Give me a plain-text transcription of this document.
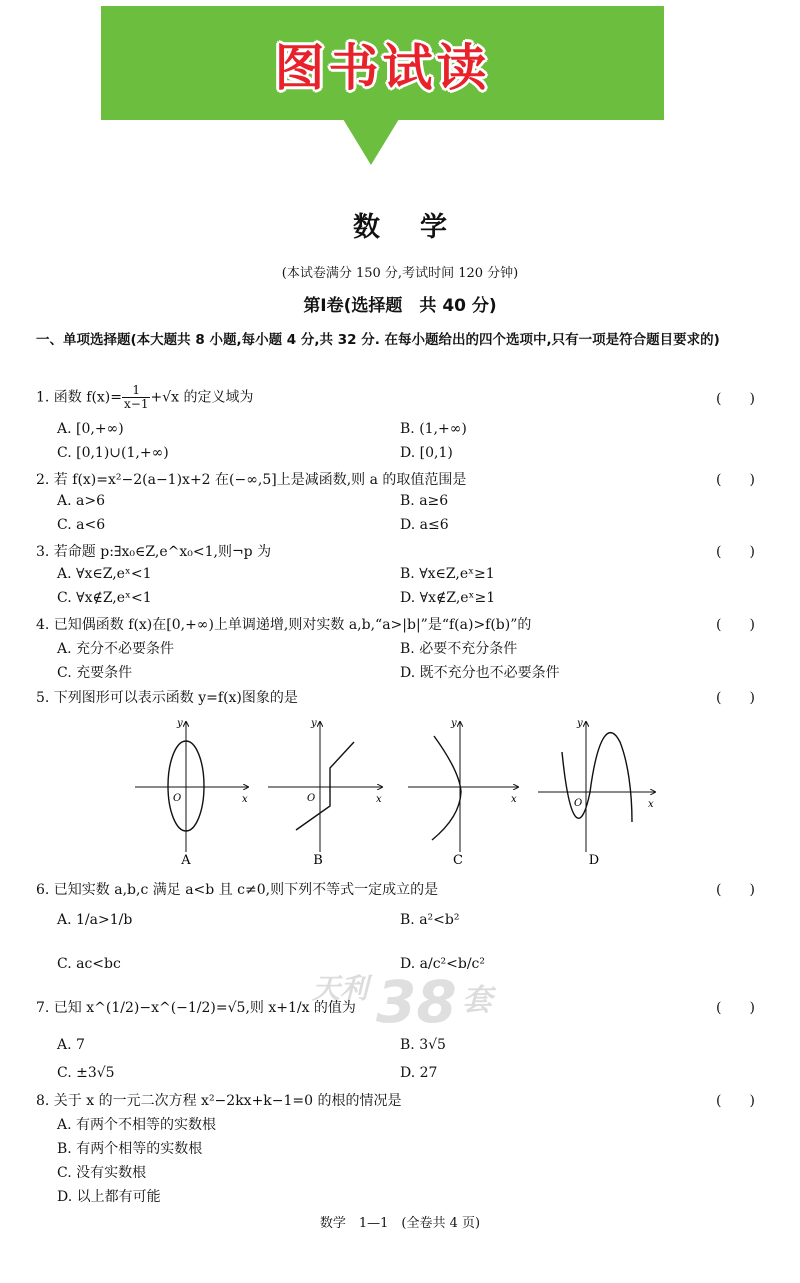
图书试读
数学
(本试卷满分 150 分,考试时间 120 分钟)
第Ⅰ卷(选择题　共 40 分)
一、单项选择题(本大题共 8 小题,每小题 4 分,共 32 分. 在每小题给出的四个选项中,只有一项是符合题目要求的)
1. 函数 $f(x)= \frac{1}{x-1} +√x$ 的定义域为	(　　)
A. [0,+∞)	B. (1,+∞)
C. [0,1)∪(1,+∞)	D. [0,1)
2. 若 f(x)=x²−2(a−1)x+2 在(−∞,5]上是减函数,则 a 的取值范围是	(　　)
A. a>6	B. a≥6
C. a<6	D. a≤6
3. 若命题 p:∃x₀∈Z,e^x₀<1,则¬p 为	(　　)
A. ∀x∈Z,eˣ<1	B. ∀x∈Z,eˣ≥1
C. ∀x∉Z,eˣ<1	D. ∀x∉Z,eˣ≥1
4. 已知偶函数 f(x)在[0,+∞)上单调递增,则对实数 a,b,“a>|b|”是“f(a)>f(b)”的	(　　)
A. 充分不必要条件	B. 必要不充分条件
C. 充要条件	D. 既不充分也不必要条件
5. 下列图形可以表示函数 y=f(x)图象的是	(　　)
x
y
O
A
x
y
O
B
x
y
C
x
y
O
D
6. 已知实数 a,b,c 满足 a<b 且 c≠0,则下列不等式一定成立的是	(　　)
A. 1/a>1/b	B. a²<b²
C. ac<bc	D. a/c²<b/c²
天利 38 套
7. 已知 x^(1/2)−x^(−1/2)=√5,则 x+1/x 的值为	(　　)
A. 7	B. 3√5
C. ±3√5	D. 27
8. 关于 x 的一元二次方程 x²−2kx+k−1=0 的根的情况是	(　　)
A. 有两个不相等的实数根
B. 有两个相等的实数根
C. 没有实数根
D. 以上都有可能
数学　1—1　(全卷共 4 页)
